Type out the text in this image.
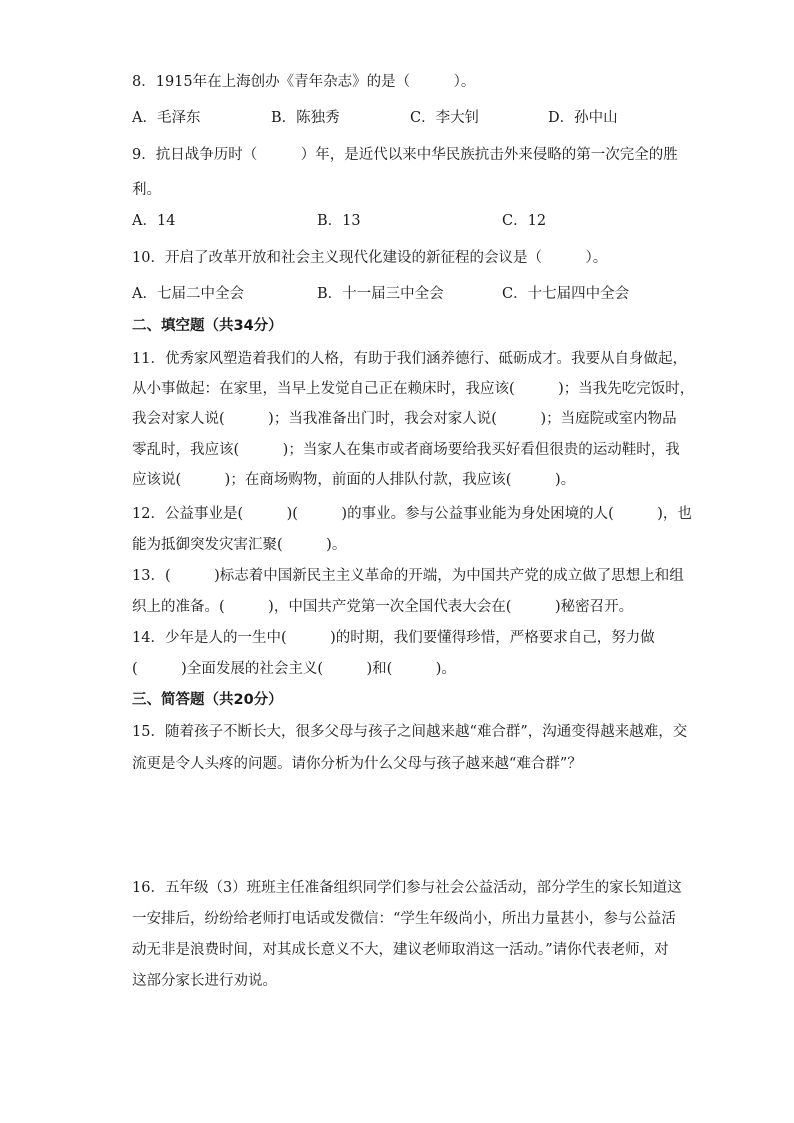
8．1915年在上海创办《青年杂志》的是（　　　）。
A．毛泽东	B．陈独秀	C．李大钊	D．孙中山
9．抗日战争历时（　　　）年，是近代以来中华民族抗击外来侵略的第一次完全的胜
利。
A．14	B．13	C．12
10．开启了改革开放和社会主义现代化建设的新征程的会议是（　　　）。
A．七届二中全会	B．十一届三中全会	C．十七届四中全会
二、填空题（共34分）
11．优秀家风塑造着我们的人格，有助于我们涵养德行、砥砺成才。我要从自身做起，
从小事做起：在家里，当早上发觉自己正在赖床时，我应该(　　　)；当我先吃完饭时，
我会对家人说(　　　)；当我准备出门时，我会对家人说(　　　)；当庭院或室内物品
零乱时，我应该(　　　)；当家人在集市或者商场要给我买好看但很贵的运动鞋时，我
应该说(　　　)；在商场购物，前面的人排队付款，我应该(　　　)。
12．公益事业是(　　　)(　　　)的事业。参与公益事业能为身处困境的人(　　　)，也
能为抵御突发灾害汇聚(　　　)。
13．(　　　)标志着中国新民主主义革命的开端，为中国共产党的成立做了思想上和组
织上的准备。(　　　)，中国共产党第一次全国代表大会在(　　　)秘密召开。
14．少年是人的一生中(　　　)的时期，我们要懂得珍惜，严格要求自己，努力做
(　　　)全面发展的社会主义(　　　)和(　　　)。
三、简答题（共20分）
15．随着孩子不断长大，很多父母与孩子之间越来越“难合群”，沟通变得越来越难，交
流更是令人头疼的问题。请你分析为什么父母与孩子越来越“难合群”？
16．五年级（3）班班主任准备组织同学们参与社会公益活动，部分学生的家长知道这
一安排后，纷纷给老师打电话或发微信：“学生年级尚小，所出力量甚小，参与公益活
动无非是浪费时间，对其成长意义不大，建议老师取消这一活动。”请你代表老师，对
这部分家长进行劝说。
